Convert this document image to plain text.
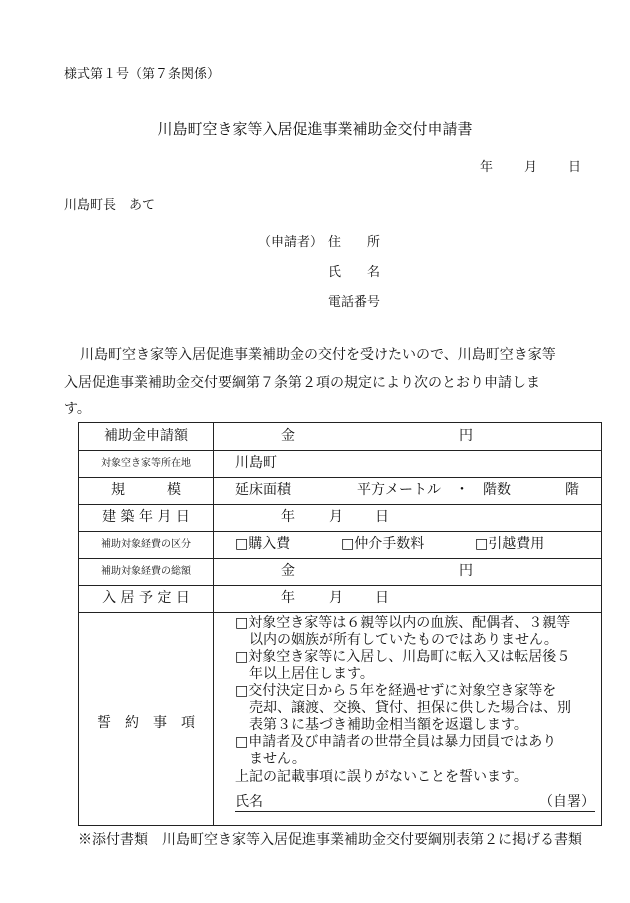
様式第１号（第７条関係）
川島町空き家等入居促進事業補助金交付申請書
年 月 日
川島町長　あて
（申請者） 住　　所
氏　　名
電話番号
川島町空き家等入居促進事業補助金の交付を受けたいので、川島町空き家等
入居促進事業補助金交付要綱第７条第２項の規定により次のとおり申請しま
す。
補助金申請額	金	円
対象空き家等所在地	川島町
規　　　模	延床面積	平方メートル　・　階数	階
建 築 年 月 日	年 月 日
補助対象経費の区分	□購入費	□仲介手数料	□引越費用
補助対象経費の総額	金	円
入 居 予 定 日	年 月 日
誓　約　事　項
□対象空き家等は６親等以内の血族、配偶者、３親等
以内の姻族が所有していたものではありません。
□対象空き家等に入居し、川島町に転入又は転居後５
年以上居住します。
□交付決定日から５年を経過せずに対象空き家等を
売却、譲渡、交換、貸付、担保に供した場合は、別
表第３に基づき補助金相当額を返還します。
□申請者及び申請者の世帯全員は暴力団員ではあり
ません。
上記の記載事項に誤りがないことを誓います。
氏名	（自署）
※添付書類　川島町空き家等入居促進事業補助金交付要綱別表第２に掲げる書類
